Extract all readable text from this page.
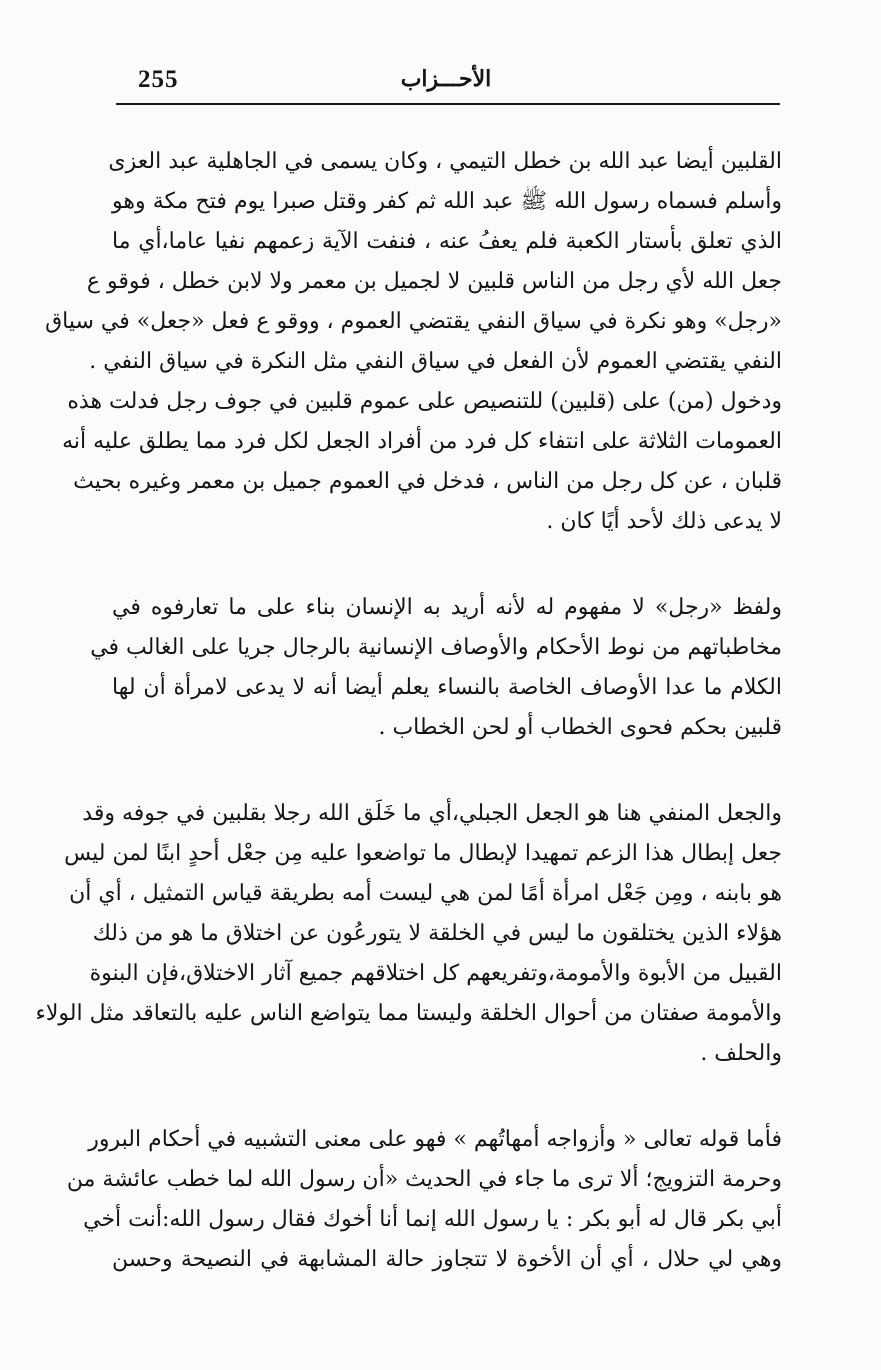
255	الأحـــزاب

القلبين أيضا عبد الله بن خطل التيمي ، وكان يسمى في الجاهلية عبد العزى
وأسلم فسماه رسول الله ﷺ عبد الله ثم كفر وقتل صبرا يوم فتح مكة وهو
الذي تعلق بأستار الكعبة فلم يعفُ عنه ، فنفت الآية زعمهم نفيا عاما،أي ما
جعل الله لأي رجل من الناس قلبين لا لجميل بن معمر ولا لابن خطل ، فوقو ع
«رجل» وهو نكرة في سياق النفي يقتضي العموم ، ووقو ع فعل «جعل» في سياق
النفي يقتضي العموم لأن الفعل في سياق النفي مثل النكرة في سياق النفي .
ودخول (من) على (قلبين) للتنصيص على عموم قلبين في جوف رجل فدلت هذه
العمومات الثلاثة على انتفاء كل فرد من أفراد الجعل لكل فرد مما يطلق عليه أنه
قلبان ، عن كل رجل من الناس ، فدخل في العموم جميل بن معمر وغيره بحيث
لا يدعى ذلك لأحد أيًا كان .

ولفظ «رجل» لا مفهوم له لأنه أريد به الإنسان بناء على ما تعارفوه في
مخاطباتهم من نوط الأحكام والأوصاف الإنسانية بالرجال جريا على الغالب في
الكلام ما عدا الأوصاف الخاصة بالنساء يعلم أيضا أنه لا يدعى لامرأة أن لها
قلبين بحكم فحوى الخطاب أو لحن الخطاب .

والجعل المنفي هنا هو الجعل الجبلي،أي ما خَلَق الله رجلا بقلبين في جوفه وقد
جعل إبطال هذا الزعم تمهيدا لإبطال ما تواضعوا عليه مِن جعْل أحدٍ ابنًا لمن ليس
هو بابنه ، ومِن جَعْل امرأة أمًا لمن هي ليست أمه بطريقة قياس التمثيل ، أي أن
هؤلاء الذين يختلقون ما ليس في الخلقة لا يتورعُون عن اختلاق ما هو من ذلك
القبيل من الأبوة والأمومة،وتفريعهم كل اختلاقهم جميع آثار الاختلاق،فإن البنوة
والأمومة صفتان من أحوال الخلقة وليستا مما يتواضع الناس عليه بالتعاقد مثل الولاء
والحلف .

فأما قوله تعالى « وأزواجه أمهاتُهم » فهو على معنى التشبيه في أحكام البرور
وحرمة التزويج؛ ألا ترى ما جاء في الحديث «أن رسول الله لما خطب عائشة من
أبي بكر قال له أبو بكر : يا رسول الله إنما أنا أخوك فقال رسول الله:أنت أخي
وهي لي حلال ، أي أن الأخوة لا تتجاوز حالة المشابهة في النصيحة وحسن
